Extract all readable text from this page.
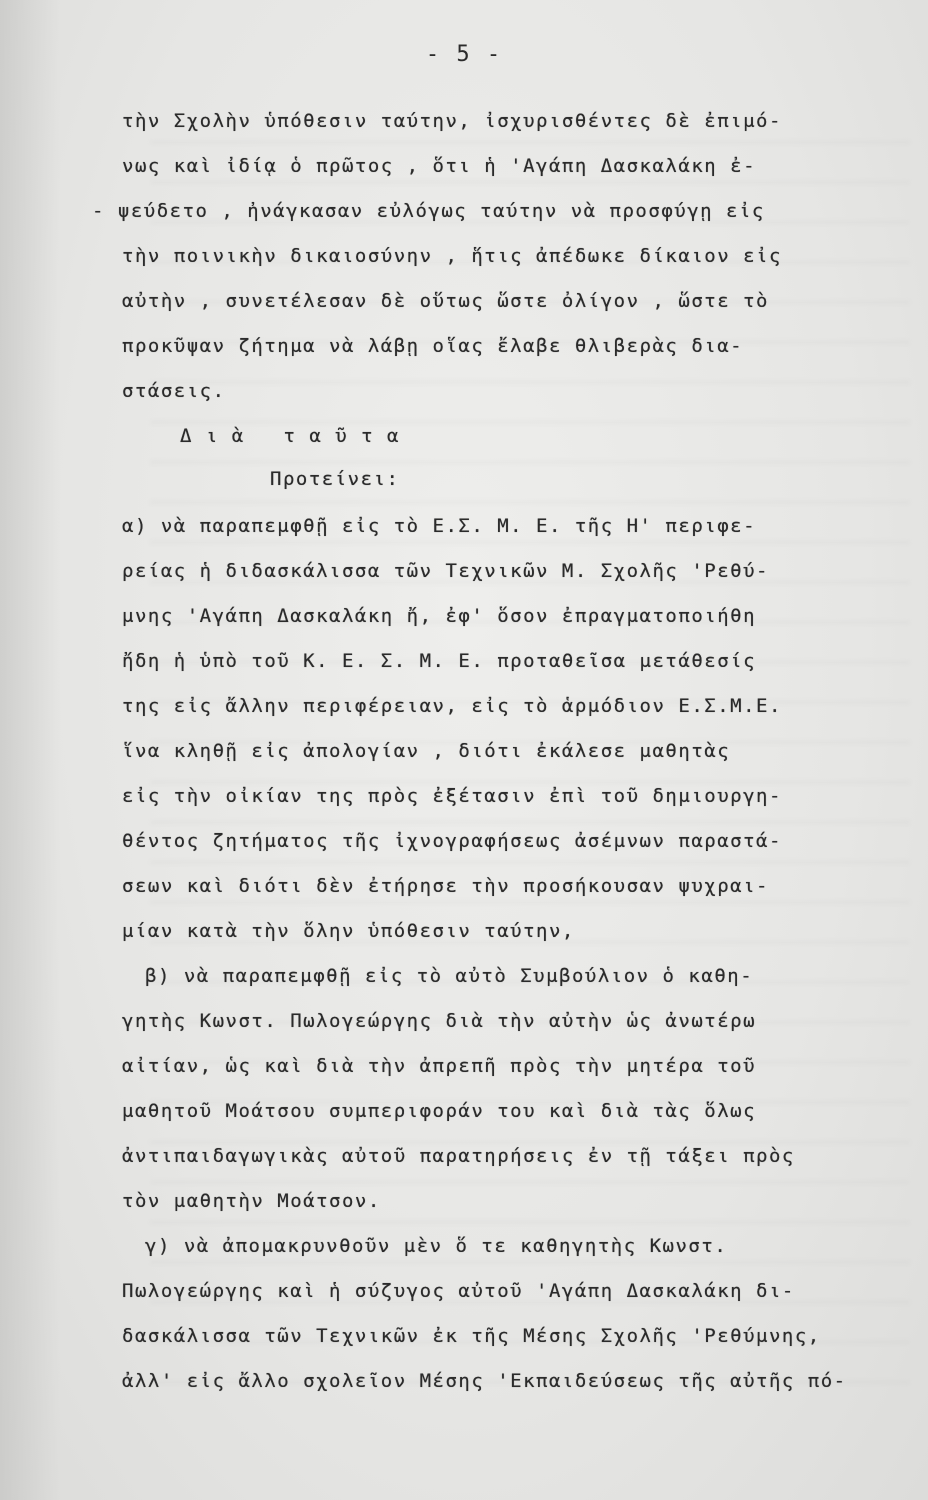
- 5 -
τὴν Σχολὴν ὑπόθεσιν ταύτην, ἰσχυρισθέντες δὲ ἐπιμό-
νως καὶ ἰδίᾳ ὁ πρῶτος , ὅτι ἡ 'Αγάπη Δασκαλάκη ἐ-
- ψεύδετο , ἠνάγκασαν εὐλόγως ταύτην νὰ προσφύγῃ εἰς
τὴν ποινικὴν δικαιοσύνην , ἥτις ἀπέδωκε δίκαιον εἰς
αὐτὴν , συνετέλεσαν δὲ οὕτως ὥστε ὀλίγον , ὥστε τὸ
προκῦψαν ζήτημα νὰ λάβῃ οἵας ἔλαβε θλιβερὰς δια-
στάσεις.
Δ ι ὰ   τ α ῦ τ α
Προτείνει:
α) νὰ παραπεμφθῇ εἰς τὸ Ε.Σ. Μ. Ε. τῆς Η' περιφε-
ρείας ἡ διδασκάλισσα τῶν Τεχνικῶν Μ. Σχολῆς 'Ρεθύ-
μνης 'Αγάπη Δασκαλάκη ἤ, ἐφ' ὅσον ἐπραγματοποιήθη
ἤδη ἡ ὑπὸ τοῦ Κ. Ε. Σ. Μ. Ε. προταθεῖσα μετάθεσίς
της εἰς ἄλλην περιφέρειαν, εἰς τὸ ἁρμόδιον Ε.Σ.Μ.Ε.
ἵνα κληθῇ εἰς ἀπολογίαν , διότι ἐκάλεσε μαθητὰς
εἰς τὴν οἰκίαν της πρὸς ἐξέτασιν ἐπὶ τοῦ δημιουργη-
θέντος ζητήματος τῆς ἰχνογραφήσεως ἀσέμνων παραστά-
σεων καὶ διότι δὲν ἐτήρησε τὴν προσήκουσαν ψυχραι-
μίαν κατὰ τὴν ὅλην ὑπόθεσιν ταύτην,
β) νὰ παραπεμφθῇ εἰς τὸ αὐτὸ Συμβούλιον ὁ καθη-
γητὴς Κωνστ. Πωλογεώργης διὰ τὴν αὐτὴν ὡς ἀνωτέρω
αἰτίαν, ὡς καὶ διὰ τὴν ἀπρεπῆ πρὸς τὴν μητέρα τοῦ
μαθητοῦ Μοάτσου συμπεριφοράν του καὶ διὰ τὰς ὅλως
ἀντιπαιδαγωγικὰς αὐτοῦ παρατηρήσεις ἐν τῇ τάξει πρὸς
τὸν μαθητὴν Μοάτσον.
γ) νὰ ἀπομακρυνθοῦν μὲν ὅ τε καθηγητὴς Κωνστ.
Πωλογεώργης καὶ ἡ σύζυγος αὐτοῦ 'Αγάπη Δασκαλάκη δι-
δασκάλισσα τῶν Τεχνικῶν ἐκ τῆς Μέσης Σχολῆς 'Ρεθύμνης,
ἀλλ' εἰς ἄλλο σχολεῖον Μέσης 'Εκπαιδεύσεως τῆς αὐτῆς πό-
